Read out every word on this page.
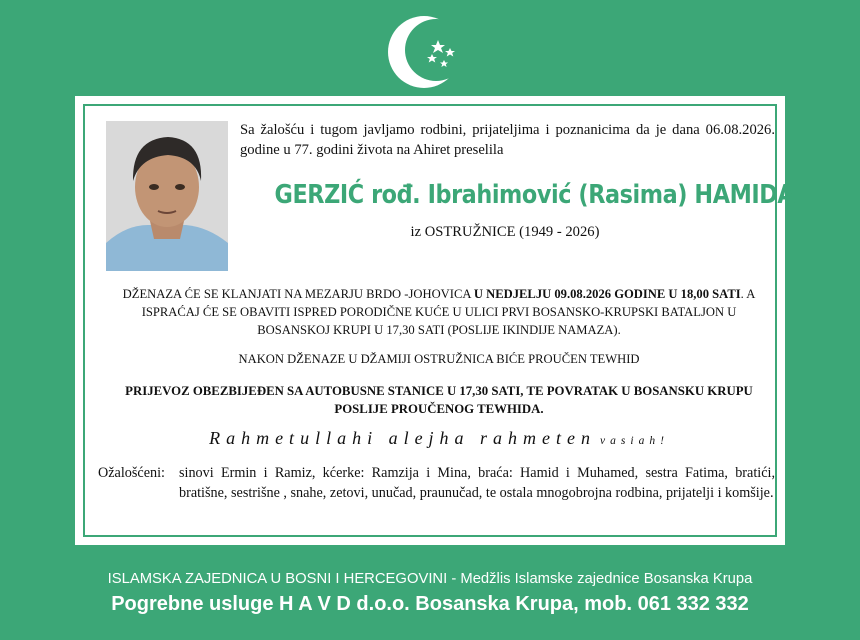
Sa žalošću i tugom javljamo rodbini, prijateljima i poznanicima da je dana 06.08.2026. godine u 77. godini života na Ahiret preselila
GERZIĆ rođ. Ibrahimović (Rasima) HAMIDA
iz OSTRUŽNICE (1949 - 2026)
DŽENAZA ĆE SE KLANJATI NA MEZARJU BRDO -JOHOVICA U NEDJELJU 09.08.2026 GODINE U 18,00 SATI. A ISPRAĆAJ ĆE SE OBAVITI ISPRED PORODIČNE KUĆE U ULICI PRVI BOSANSKO-KRUPSKI BATALJON U BOSANSKOJ KRUPI U 17,30 SATI (POSLIJE IKINDIJE NAMAZA).
NAKON DŽENAZE U DŽAMIJI OSTRUŽNICA BIĆE PROUČEN TEWHID
PRIJEVOZ OBEZBIJEĐEN SA AUTOBUSNE STANICE U 17,30 SATI, TE POVRATAK U BOSANSKU KRUPU POSLIJE PROUČENOG TEWHIDA.
Rahmetullahi alejha rahmeten vasiah!
Ožalošćeni: sinovi Ermin i Ramiz, kćerke: Ramzija i Mina, braća: Hamid i Muhamed, sestra Fatima, bratići, bratišne, sestrišne , snahe, zetovi, unučad, praunučad, te ostala mnogobrojna rodbina, prijatelji i komšije.
ISLAMSKA ZAJEDNICA U BOSNI I HERCEGOVINI - Medžlis Islamske zajednice Bosanska Krupa
Pogrebne usluge H A V D d.o.o. Bosanska Krupa, mob. 061 332 332
